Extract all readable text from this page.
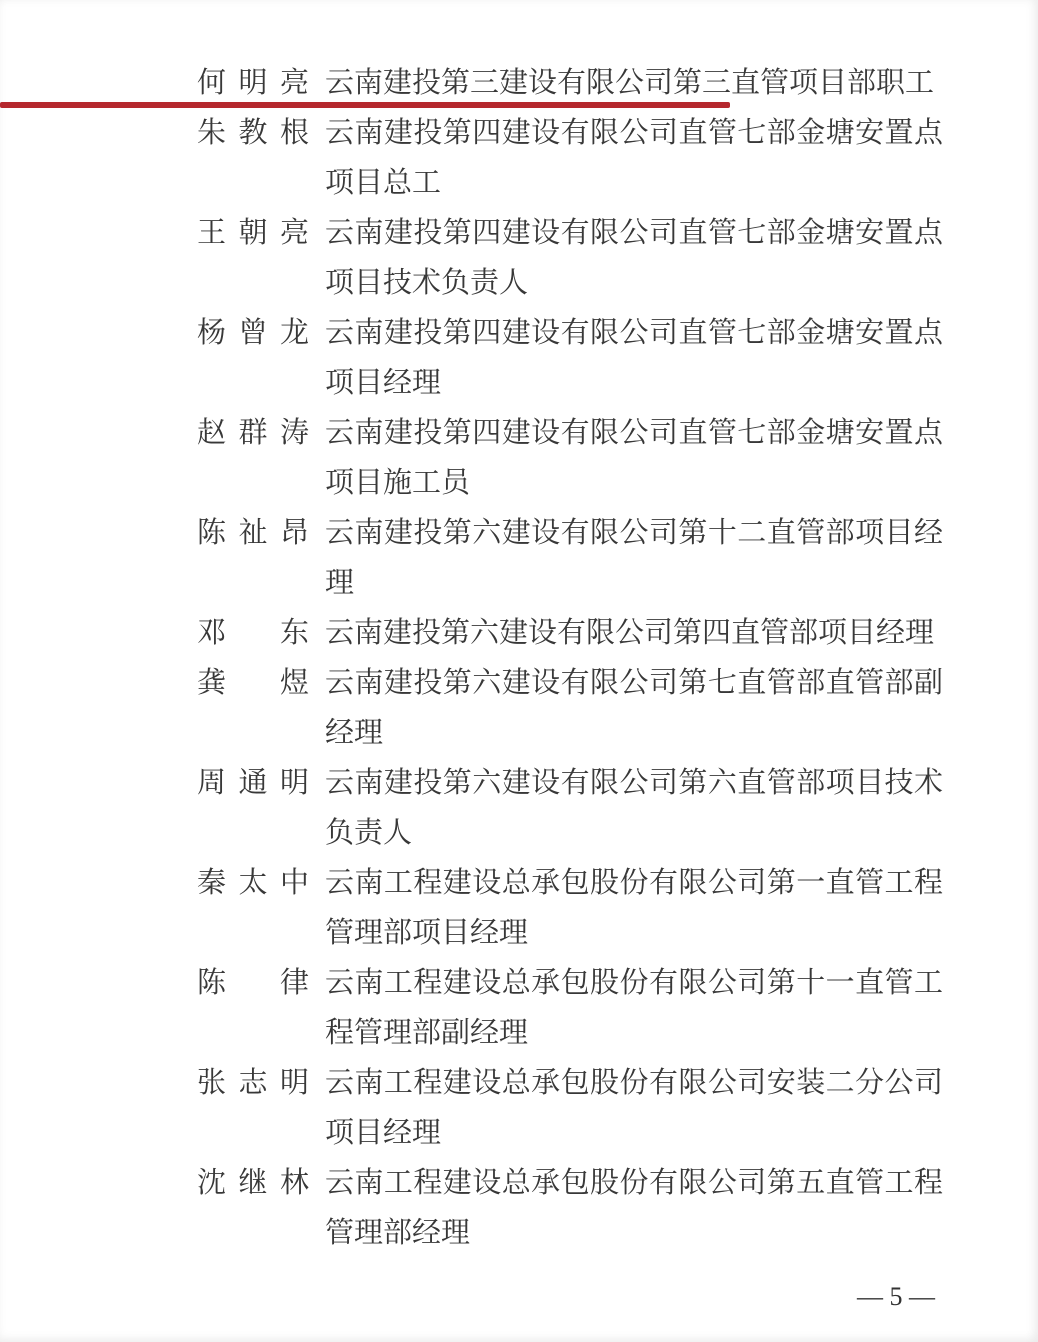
何明亮 云南建投第三建设有限公司第三直管项目部职工
朱教根 云南建投第四建设有限公司直管七部金塘安置点项目总工
王朝亮 云南建投第四建设有限公司直管七部金塘安置点项目技术负责人
杨曾龙 云南建投第四建设有限公司直管七部金塘安置点项目经理
赵群涛 云南建投第四建设有限公司直管七部金塘安置点项目施工员
陈祉昂 云南建投第六建设有限公司第十二直管部项目经理
邓东 云南建投第六建设有限公司第四直管部项目经理
龚煜 云南建投第六建设有限公司第七直管部直管部副经理
周通明 云南建投第六建设有限公司第六直管部项目技术负责人
秦太中 云南工程建设总承包股份有限公司第一直管工程管理部项目经理
陈律 云南工程建设总承包股份有限公司第十一直管工程管理部副经理
张志明 云南工程建设总承包股份有限公司安装二分公司项目经理
沈继林 云南工程建设总承包股份有限公司第五直管工程管理部经理
— 5 —
